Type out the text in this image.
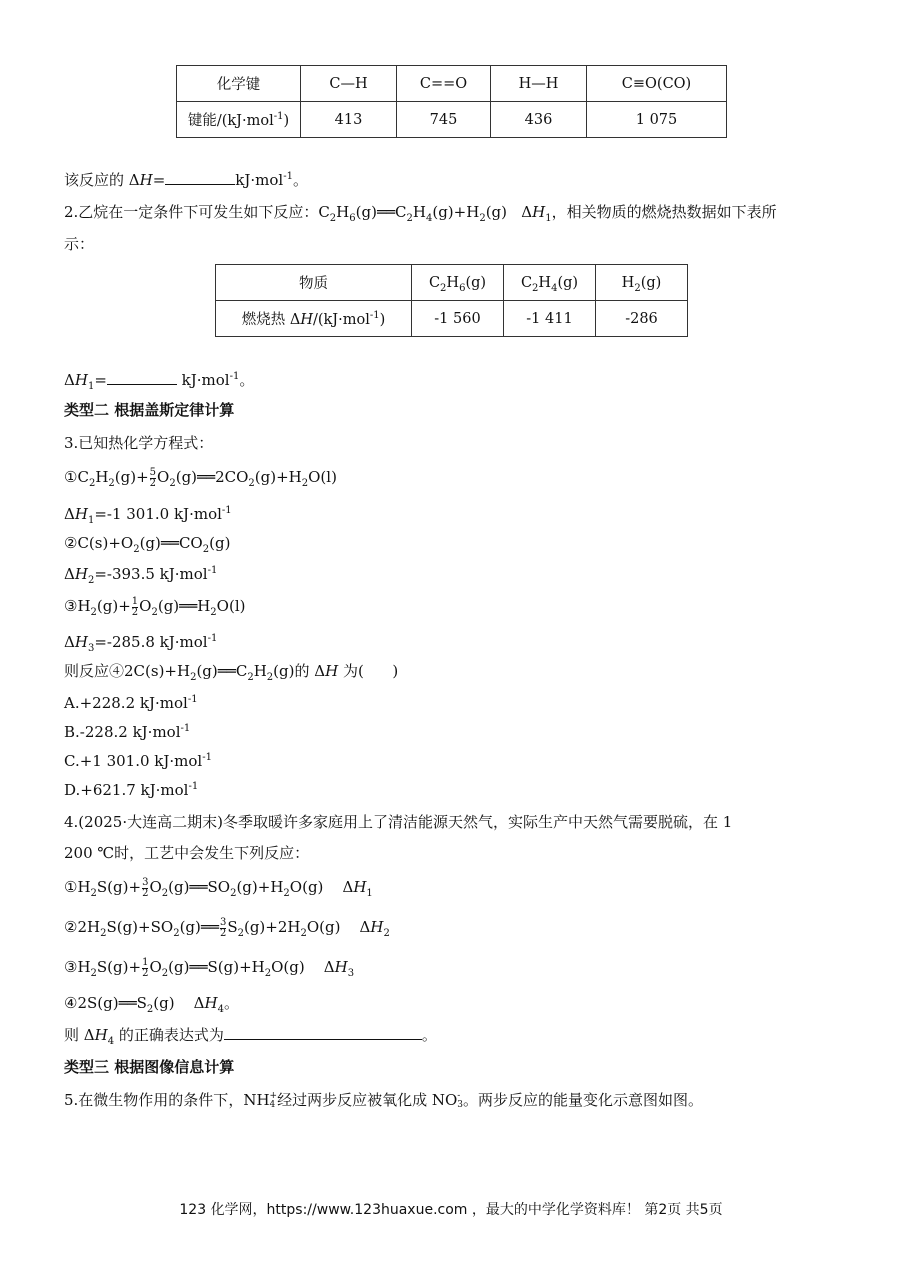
化学键	C—H	C==O	H—H	C≡O(CO)
键能/(kJ·mol$^{-1}$)	413	745	436	1 075
该反应的 ΔH=	kJ·mol$^{-1}$。
2.乙烷在一定条件下可发生如下反应：$C_2H_6(g)══C_2H_4(g)+H_2(g)$   $\Delta H_1$，相关物质的燃烧热数据如下表所
示：
物质	$C_2H_6(g)$	$C_2H_4(g)$	$H_2(g)$
燃烧热 ΔH/(kJ·mol$^{-1}$)	-1 560	-1 411	-286
$\Delta H_1=$	kJ·mol$^{-1}$。
类型二 根据盖斯定律计算
3.已知热化学方程式：
$①C_2H_2(g)+ \frac{5}{2}$ $O_2(g)══2CO_2(g)+H_2O(l)$
$\Delta H_1=-1$ 301.0 kJ·mol$^{-1}$
$②C(s)+O_2(g)══CO_2(g)$
$\Delta H_2=-393.5$ kJ·mol$^{-1}$
$③H_2(g)+ \frac{1}{2}$ $O_2(g)══H_2O(l)$
$\Delta H_3=-285.8$ kJ·mol$^{-1}$
则反应$④2C(s)+H_2(g)══C_2H_2(g)$的 ΔH 为(      )
A.+228.2 kJ·mol$^{-1}$
B.-228.2 kJ·mol$^{-1}$
C.+1 301.0 kJ·mol$^{-1}$
D.+621.7 kJ·mol$^{-1}$
4.(2025·大连高二期末)冬季取暖许多家庭用上了清洁能源天然气，实际生产中天然气需要脱硫，在 1
200 ℃时，工艺中会发生下列反应：
$①H_2S(g)+ \frac{3}{2}$ $O_2(g)══SO_2(g)+H_2O(g)$    $\Delta H_1$
$②2H_2S(g)+SO_2(g)══ \frac{3}{2} S_2(g)+2H_2O(g)$    $\Delta H_2$
$③H_2S(g)+ \frac{1}{2}$ $O_2(g)══S(g)+H_2O(g)$    $\Delta H_3$
$④2S(g)══S_2(g)$    $\Delta H_4$。
则 $\Delta H_4$ 的正确表达式为	。
类型三 根据图像信息计算
5.在微生物作用的条件下，NH +
4 经过两步反应被氧化成 NO -
3 。两步反应的能量变化示意图如图。
123 化学网，https://www.123huaxue.com ，最大的中学化学资料库！ 第2页 共5页
